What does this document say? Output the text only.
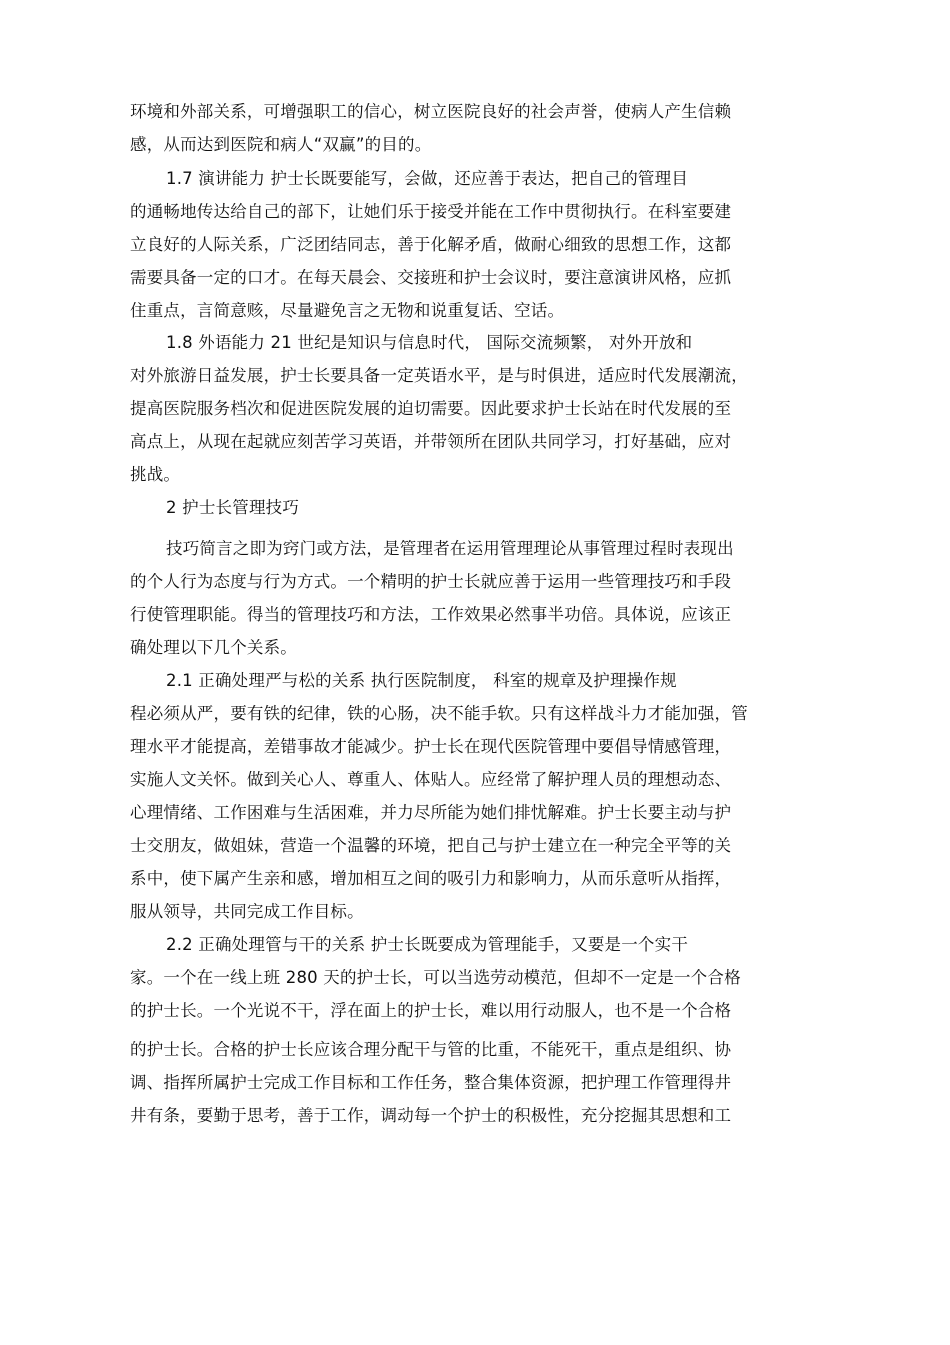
环境和外部关系，可增强职工的信心，树立医院良好的社会声誉，使病人产生信赖
感，从而达到医院和病人“双赢”的目的。
1.7 演讲能力 护士长既要能写，会做，还应善于表达，把自己的管理目
的通畅地传达给自己的部下，让她们乐于接受并能在工作中贯彻执行。在科室要建
立良好的人际关系，广泛团结同志，善于化解矛盾，做耐心细致的思想工作，这都
需要具备一定的口才。在每天晨会、交接班和护士会议时，要注意演讲风格，应抓
住重点，言简意赅，尽量避免言之无物和说重复话、空话。
1.8 外语能力 21 世纪是知识与信息时代， 国际交流频繁， 对外开放和
对外旅游日益发展，护士长要具备一定英语水平，是与时俱进，适应时代发展潮流，
提高医院服务档次和促进医院发展的迫切需要。因此要求护士长站在时代发展的至
高点上，从现在起就应刻苦学习英语，并带领所在团队共同学习，打好基础，应对
挑战。
2 护士长管理技巧
技巧简言之即为窍门或方法，是管理者在运用管理理论从事管理过程时表现出
的个人行为态度与行为方式。一个精明的护士长就应善于运用一些管理技巧和手段
行使管理职能。得当的管理技巧和方法，工作效果必然事半功倍。具体说，应该正
确处理以下几个关系。
2.1 正确处理严与松的关系 执行医院制度， 科室的规章及护理操作规
程必须从严，要有铁的纪律，铁的心肠，决不能手软。只有这样战斗力才能加强，管
理水平才能提高，差错事故才能减少。护士长在现代医院管理中要倡导情感管理，
实施人文关怀。做到关心人、尊重人、体贴人。应经常了解护理人员的理想动态、
心理情绪、工作困难与生活困难，并力尽所能为她们排忧解难。护士长要主动与护
士交朋友，做姐妹，营造一个温馨的环境，把自己与护士建立在一种完全平等的关
系中，使下属产生亲和感，增加相互之间的吸引力和影响力，从而乐意听从指挥，
服从领导，共同完成工作目标。
2.2 正确处理管与干的关系 护士长既要成为管理能手，又要是一个实干
家。一个在一线上班 280 天的护士长，可以当选劳动模范，但却不一定是一个合格
的护士长。一个光说不干，浮在面上的护士长，难以用行动服人，也不是一个合格
的护士长。合格的护士长应该合理分配干与管的比重，不能死干，重点是组织、协
调、指挥所属护士完成工作目标和工作任务，整合集体资源，把护理工作管理得井
井有条，要勤于思考，善于工作，调动每一个护士的积极性，充分挖掘其思想和工
